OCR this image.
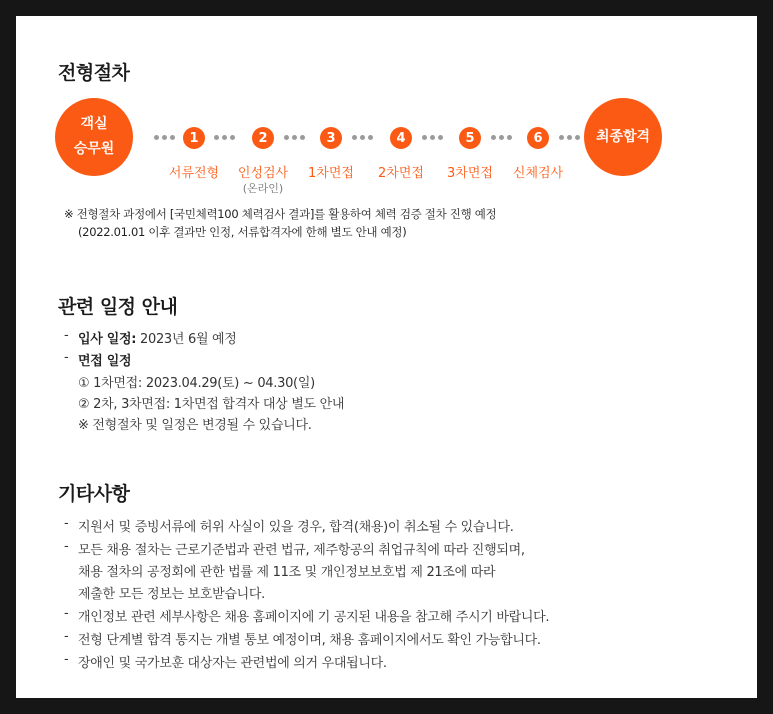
전형절차
객실
승무원
최종합격
1	2	3	4	5	6
서류전형 인성검사
(온라인)
1차면접 2차면접 3차면접 신체검사
※ 전형절차 과정에서 [국민체력100 체력검사 결과]를 활용하여 체력 검증 절차 진행 예정
(2022.01.01 이후 결과만 인정, 서류합격자에 한해 별도 안내 예정)
관련 일정 안내
- 입사 일정: 2023년 6월 예정
- 면접 일정
① 1차면접: 2023.04.29(토) ~ 04.30(일)
② 2차, 3차면접: 1차면접 합격자 대상 별도 안내
※ 전형절차 및 일정은 변경될 수 있습니다.
기타사항
- 지원서 및 증빙서류에 허위 사실이 있을 경우, 합격(채용)이 취소될 수 있습니다.
- 모든 채용 절차는 근로기준법과 관련 법규, 제주항공의 취업규칙에 따라 진행되며,
채용 절차의 공정회에 관한 법률 제 11조 및 개인정보보호법 제 21조에 따라
제출한 모든 정보는 보호받습니다.
- 개인정보 관련 세부사항은 채용 홈페이지에 기 공지된 내용을 참고해 주시기 바랍니다.
- 전형 단계별 합격 통지는 개별 통보 예정이며, 채용 홈페이지에서도 확인 가능합니다.
- 장애인 및 국가보훈 대상자는 관련법에 의거 우대됩니다.
